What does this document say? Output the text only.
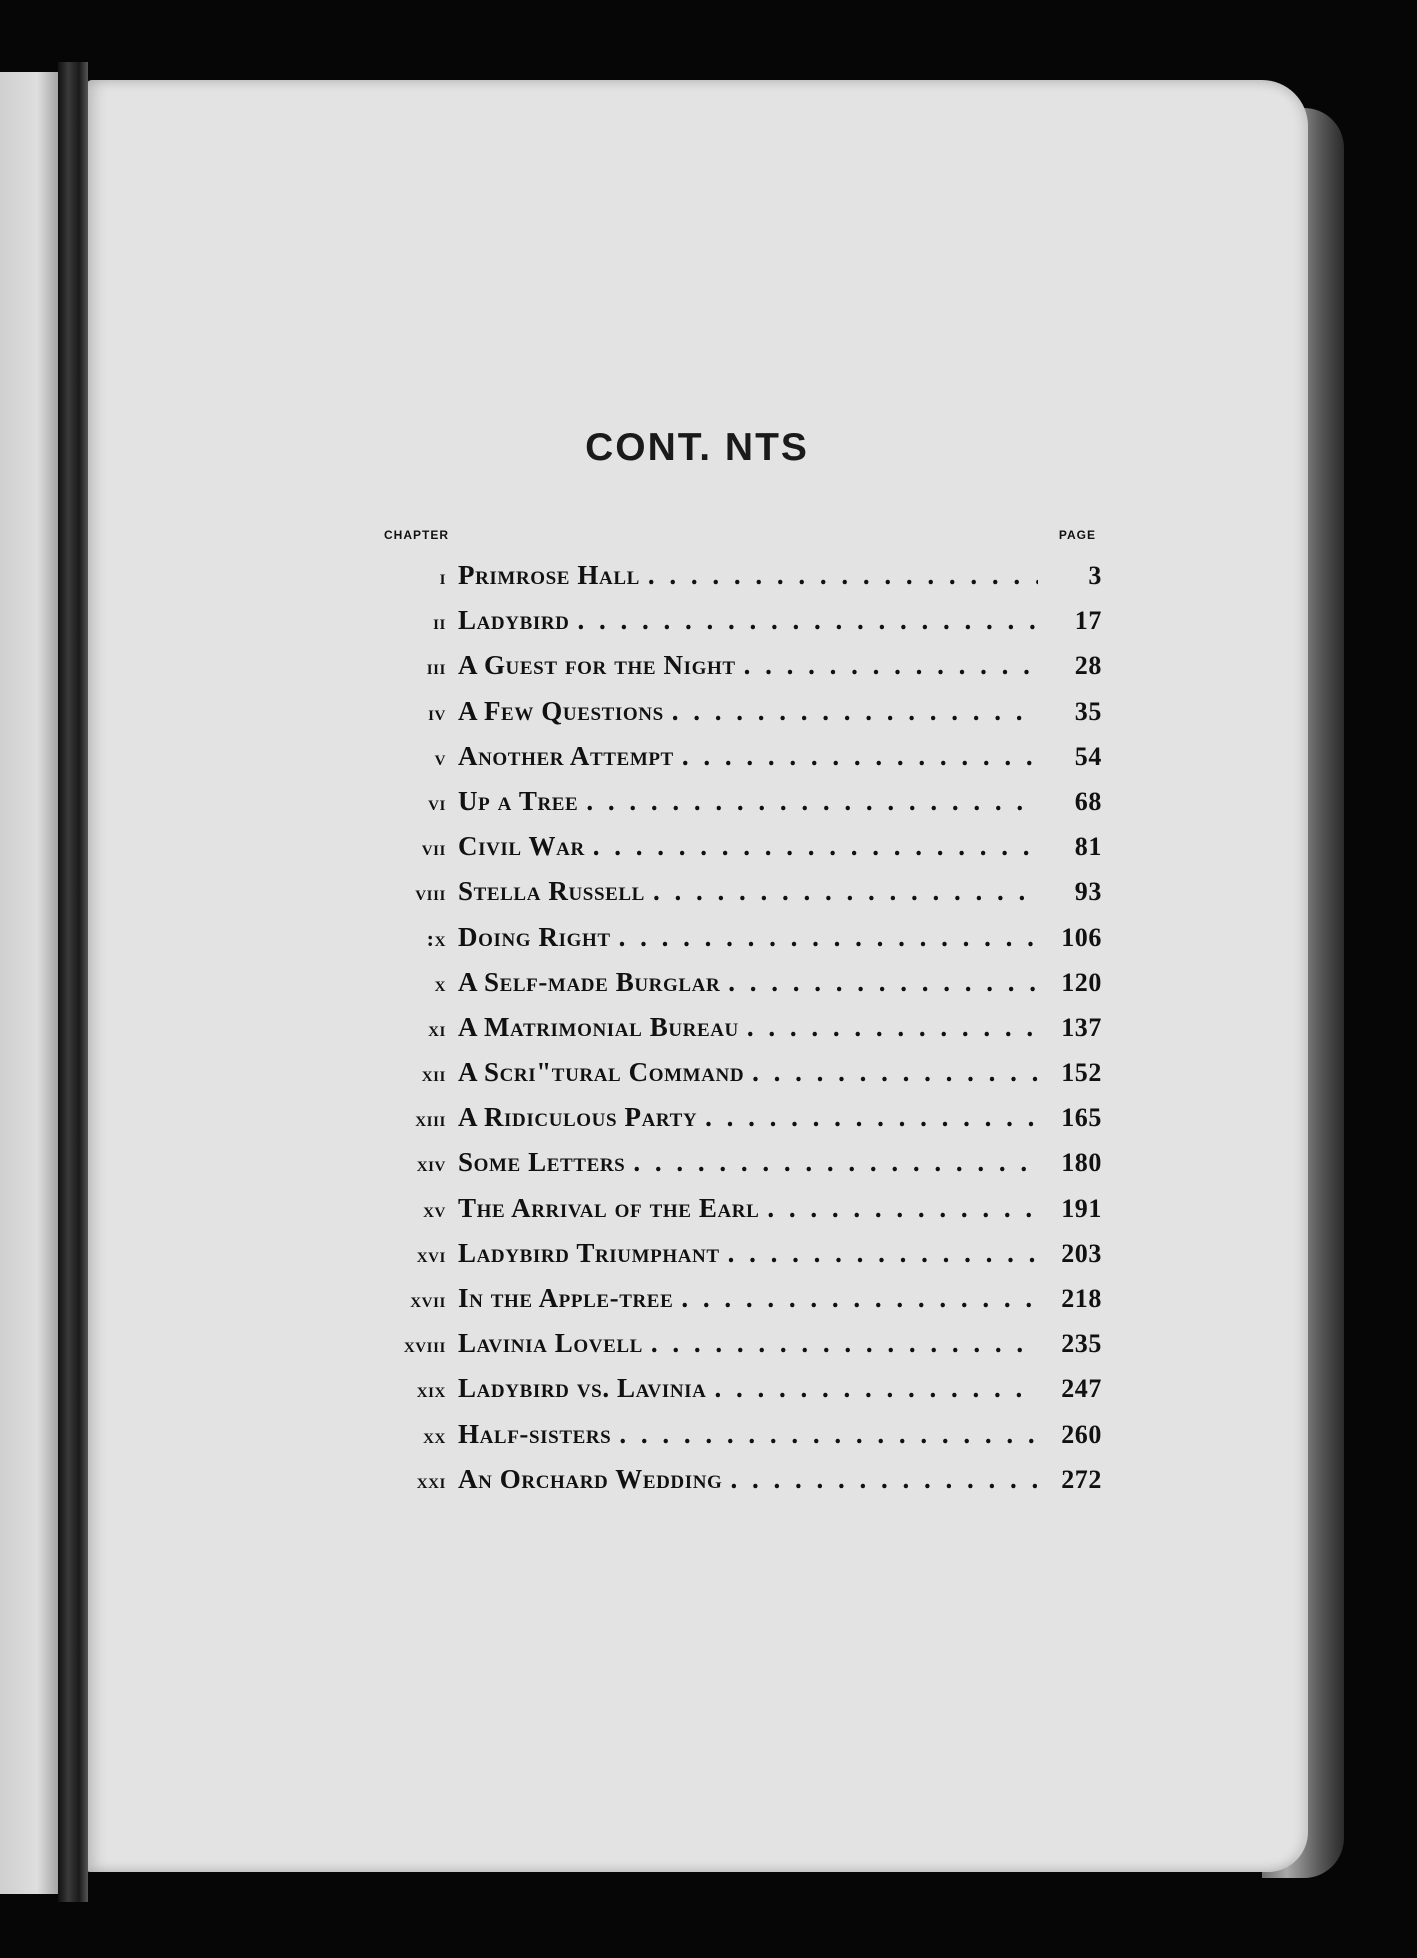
CONT. NTS
CHAPTER	PAGE
i Primrose Hall . . .	3
ii Ladybird . . .	17
iii A Guest for the Night . . .	28
iv A Few Questions . . .	35
v Another Attempt . . .	54
vi Up a Tree . . .	68
vii Civil War . . .	81
viii Stella Russell . . .	93
:x Doing Right . . .	106
x A Self-made Burglar . . .	120
xi A Matrimonial Bureau . . .	137
xii A Scri"tural Command . . .	152
xiii A Ridiculous Party . . .	165
xiv Some Letters . . .	180
xv The Arrival of the Earl . . .	191
xvi Ladybird Triumphant . . .	203
xvii In the Apple-tree . . .	218
xviii Lavinia Lovell . . .	235
xix Ladybird vs. Lavinia . . .	247
xx Half-sisters . . .	260
xxi An Orchard Wedding . . .	272
